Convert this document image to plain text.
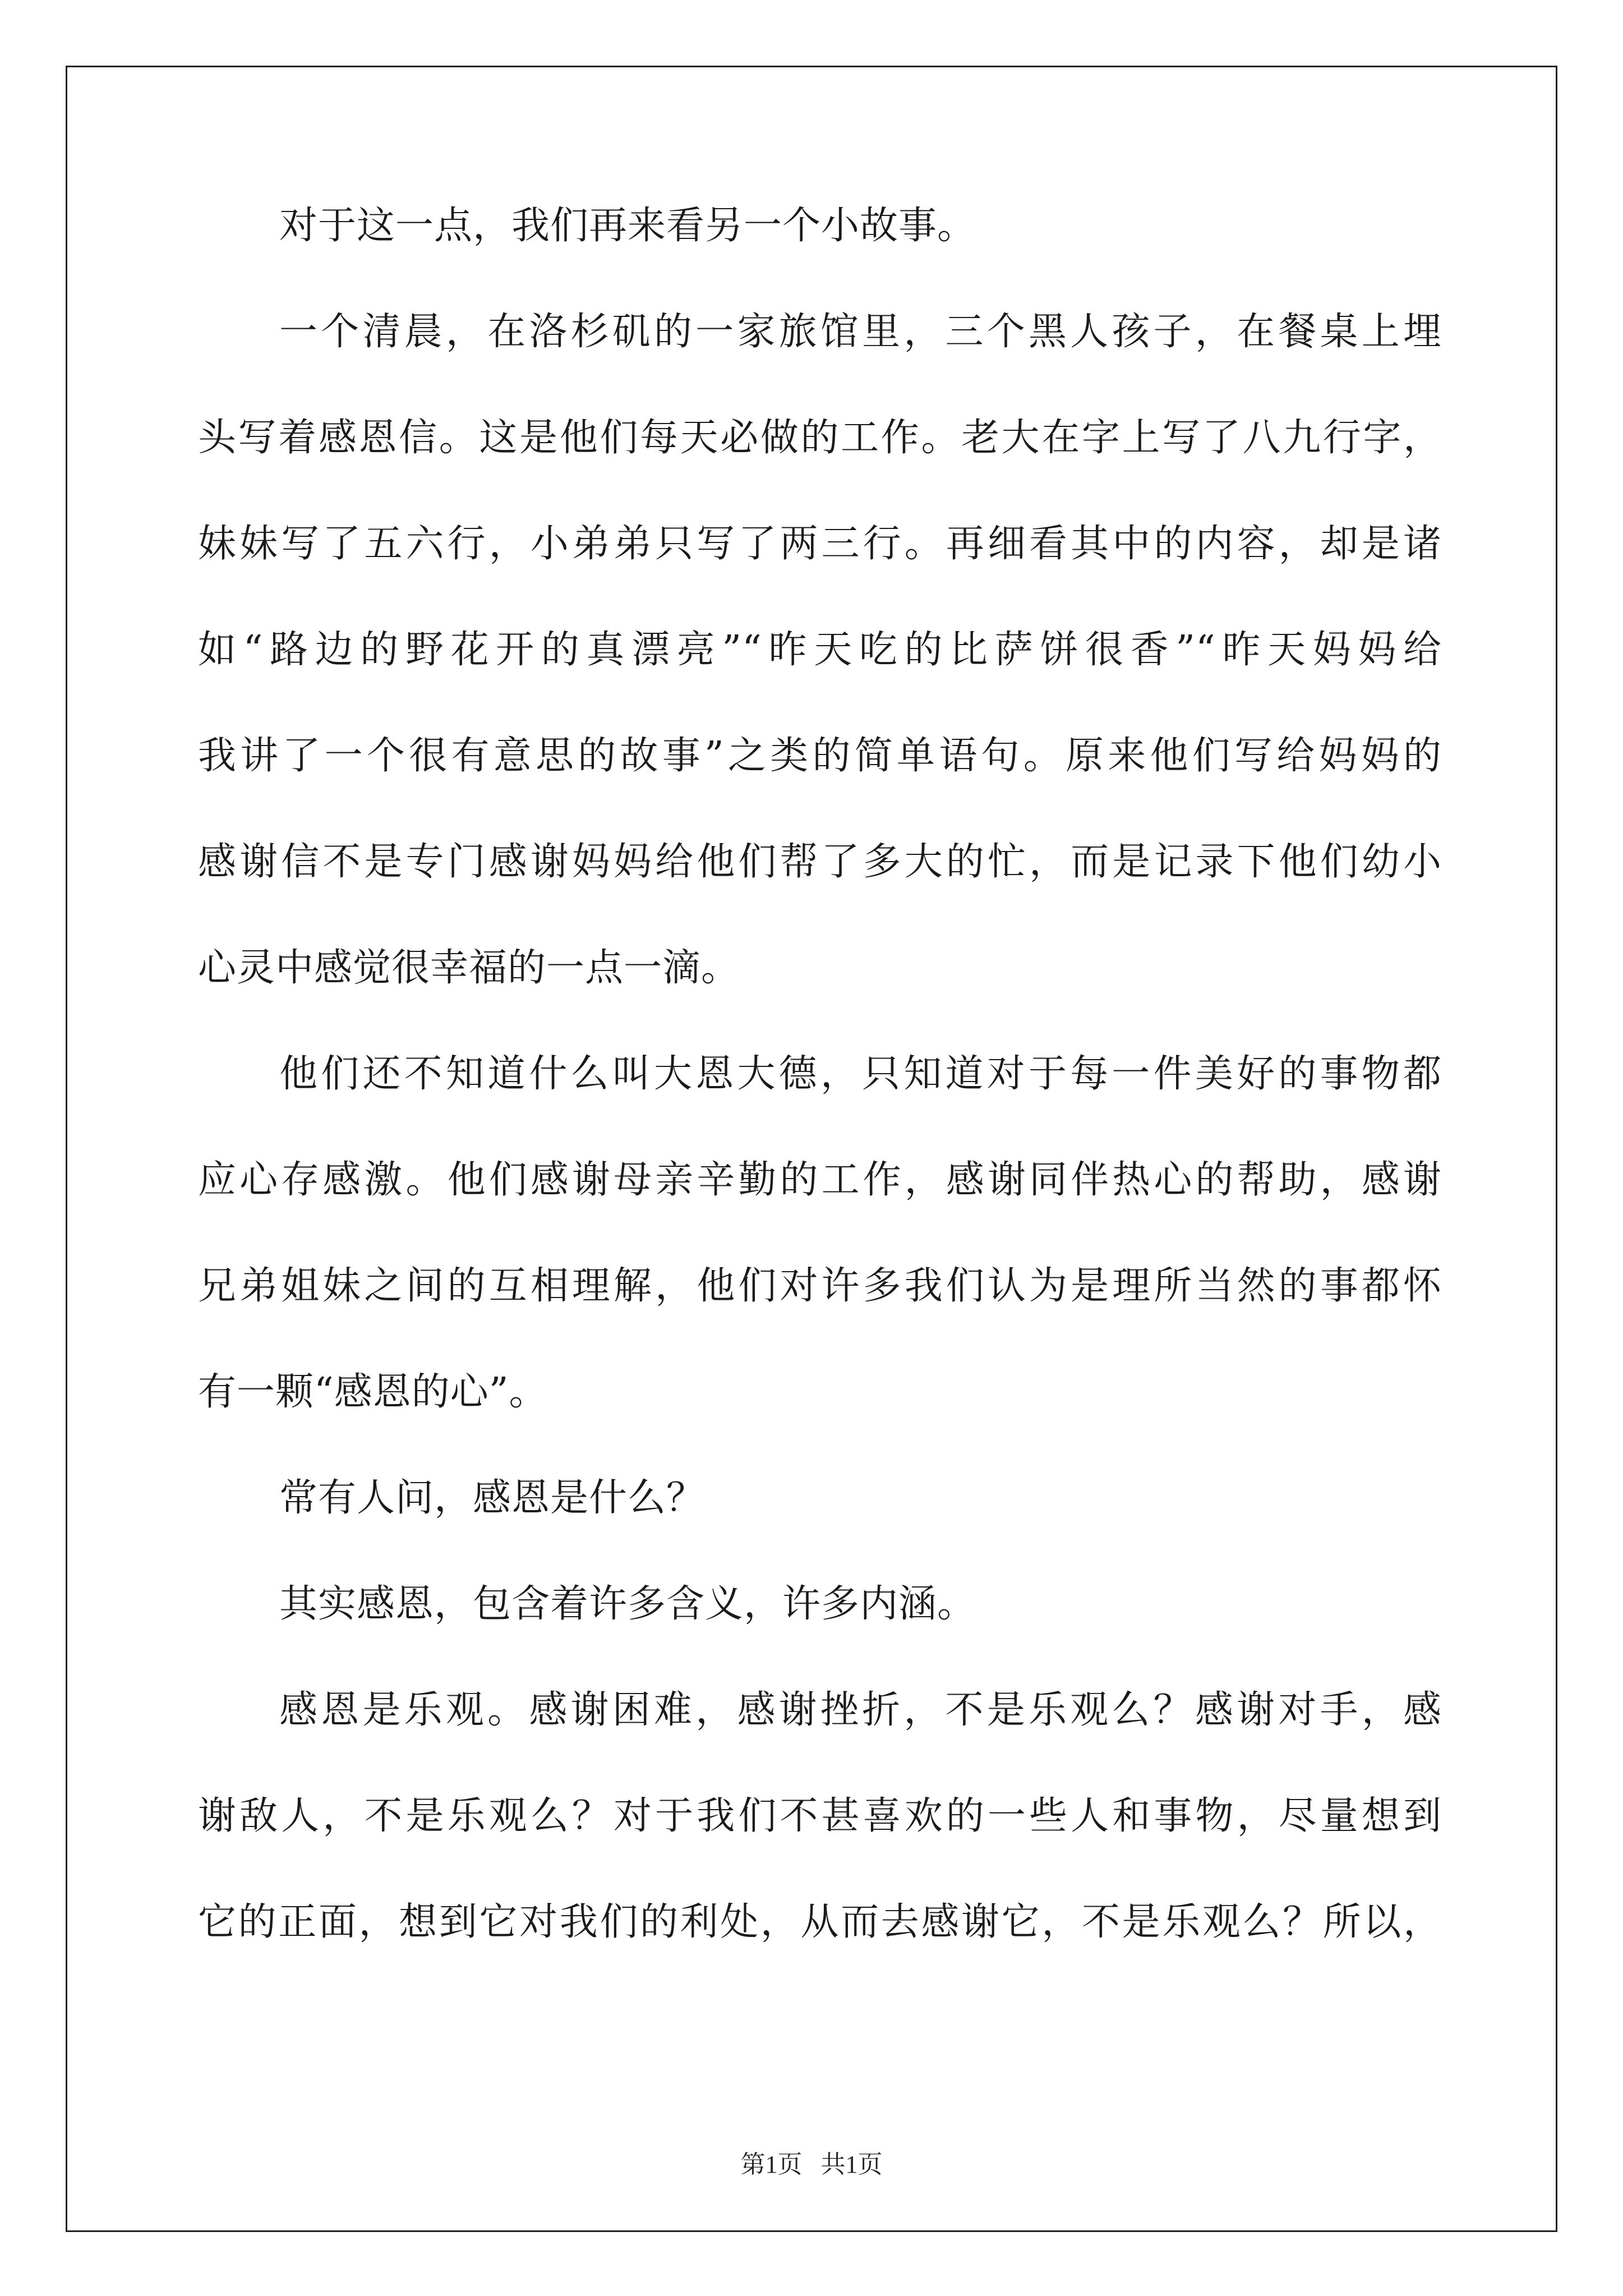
对于这一点，我们再来看另一个小故事。
一个清晨，在洛杉矶的一家旅馆里，三个黑人孩子，在餐桌上埋
头写着感恩信。这是他们每天必做的工作。老大在字上写了八九行字，
妹妹写了五六行，小弟弟只写了两三行。再细看其中的内容，却是诸
如“路边的野花开的真漂亮”“昨天吃的比萨饼很香”“昨天妈妈给
我讲了一个很有意思的故事”之类的简单语句。原来他们写给妈妈的
感谢信不是专门感谢妈妈给他们帮了多大的忙，而是记录下他们幼小
心灵中感觉很幸福的一点一滴。
他们还不知道什么叫大恩大德，只知道对于每一件美好的事物都
应心存感激。他们感谢母亲辛勤的工作，感谢同伴热心的帮助，感谢
兄弟姐妹之间的互相理解，他们对许多我们认为是理所当然的事都怀
有一颗“感恩的心”。
常有人问，感恩是什么？
其实感恩，包含着许多含义，许多内涵。
感恩是乐观。感谢困难，感谢挫折，不是乐观么？感谢对手，感
谢敌人，不是乐观么？对于我们不甚喜欢的一些人和事物，尽量想到
它的正面，想到它对我们的利处，从而去感谢它，不是乐观么？所以，
第1页   共1页
